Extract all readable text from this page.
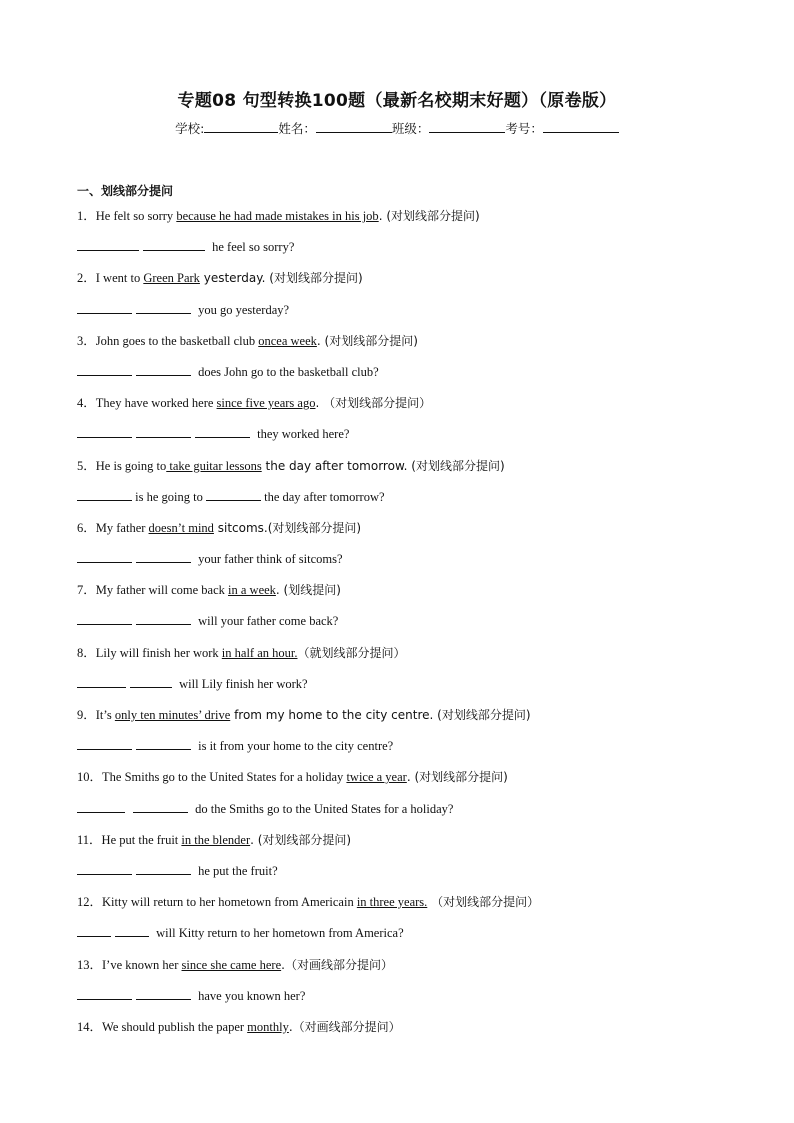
专题08 句型转换100题（最新名校期末好题）（原卷版）
学校:	姓名：	班级：	考号：
一、划线部分提问
1．He felt so sorry because he had made mistakes in his job. (对划线部分提问)
he feel so sorry?
2．I went to Green Park yesterday. (对划线部分提问)
you go yesterday?
3．John goes to the basketball club oncea week. (对划线部分提问)
does John go to the basketball club?
4．They have worked here since five years ago. （对划线部分提问）
they worked here?
5．He is going to take guitar lessons the day after tomorrow. (对划线部分提问)
is he going to	the day after tomorrow?
6．My father doesn’t mind sitcoms.(对划线部分提问)
your father think of sitcoms?
7．My father will come back in a week. (划线提问)
will your father come back?
8．Lily will finish her work in half an hour.（就划线部分提问）
will Lily finish her work?
9．It’s only ten minutes’ drive from my home to the city centre. (对划线部分提问)
is it from your home to the city centre?
10．The Smiths go to the United States for a holiday twice a year. (对划线部分提问)
do the Smiths go to the United States for a holiday?
11．He put the fruit in the blender. (对划线部分提问)
he put the fruit?
12．Kitty will return to her hometown from Americain in three years. （对划线部分提问）
will Kitty return to her hometown from America?
13．I’ve known her since she came here.（对画线部分提问）
have you known her?
14．We should publish the paper monthly.（对画线部分提问）
